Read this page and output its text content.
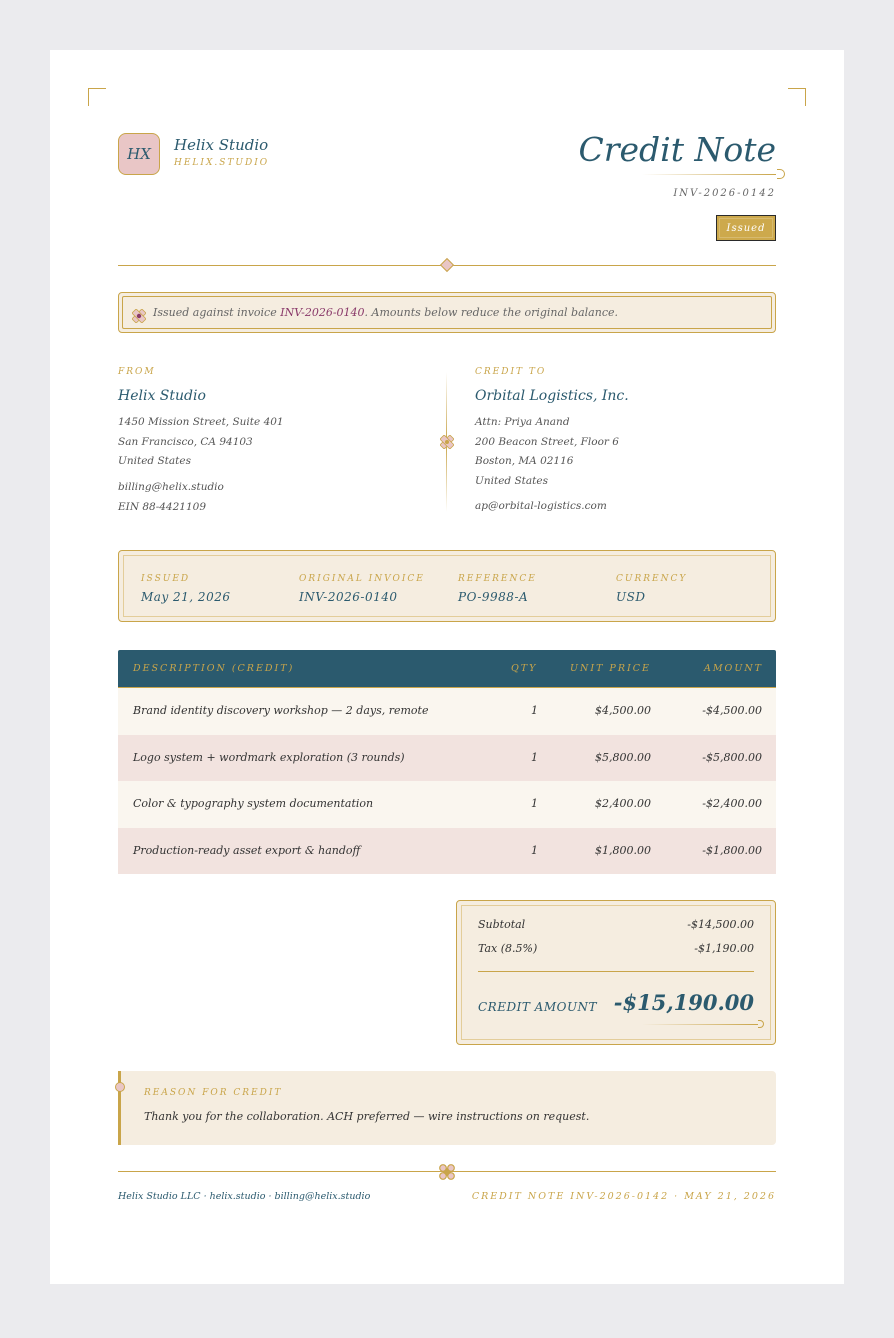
HX Helix Studio
HELIX.STUDIO	Credit Note
INV-2026-0142
Issued
Issued against invoice
INV-2026-0140 . Amounts below reduce the original balance.
FROM
Helix Studio
1450 Mission Street, Suite 401
San Francisco, CA 94103
United States
billing@helix.studio
EIN 88-4421109
CREDIT TO
Orbital Logistics, Inc.
Attn: Priya Anand
200 Beacon Street, Floor 6
Boston, MA 02116
United States
ap@orbital-logistics.com
ISSUED
May 21, 2026
ORIGINAL INVOICE
INV-2026-0140
REFERENCE
PO-9988-A
CURRENCY
USD
DESCRIPTION (CREDIT)	QTY	UNIT PRICE	AMOUNT
Brand identity discovery workshop — 2 days, remote	1	$4,500.00	-$4,500.00
Logo system + wordmark exploration (3 rounds)	1	$5,800.00	-$5,800.00
Color & typography system documentation	1	$2,400.00	-$2,400.00
Production-ready asset export & handoff	1	$1,800.00	-$1,800.00
Subtotal	-$14,500.00
Tax (8.5%)	-$1,190.00
CREDIT AMOUNT -$15,190.00
REASON FOR CREDIT
Thank you for the collaboration. ACH preferred — wire instructions on request.
Helix Studio LLC · helix.studio · billing@helix.studio	CREDIT NOTE INV-2026-0142 · MAY 21, 2026
